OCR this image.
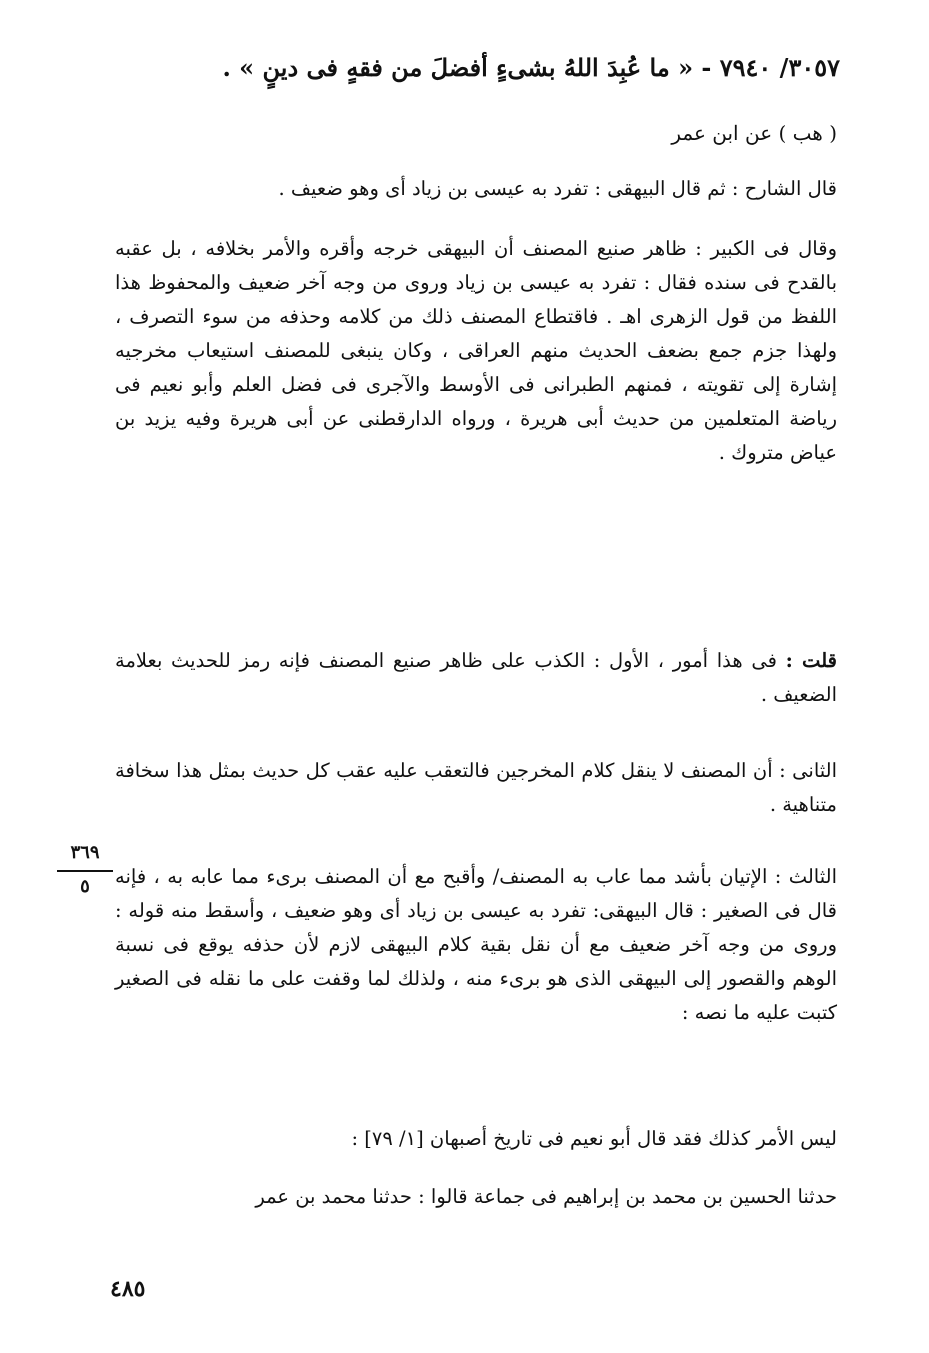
٣٠٥٧/ ٧٩٤٠ - « ما عُبِدَ اللهُ بشىءٍ أفضلَ من فقهٍ فى دينٍ » .
( هب ) عن ابن عمر
قال الشارح : ثم قال البيهقى : تفرد به عيسى بن زياد أى وهو ضعيف .
وقال فى الكبير : ظاهر صنيع المصنف أن البيهقى خرجه وأقره والأمر بخلافه ، بل عقبه بالقدح فى سنده فقال : تفرد به عيسى بن زياد وروى من وجه آخر ضعيف والمحفوظ هذا اللفظ من قول الزهرى اهـ . فاقتطاع المصنف ذلك من كلامه وحذفه من سوء التصرف ، ولهذا جزم جمع بضعف الحديث منهم العراقى ، وكان ينبغى للمصنف استيعاب مخرجيه إشارة إلى تقويته ، فمنهم الطبرانى فى الأوسط والآجرى فى فضل العلم وأبو نعيم فى رياضة المتعلمين من حديث أبى هريرة ، ورواه الدارقطنى عن أبى هريرة وفيه يزيد بن عياض متروك .
قلت : فى هذا أمور ، الأول : الكذب على ظاهر صنيع المصنف فإنه رمز للحديث بعلامة الضعيف .
الثانى : أن المصنف لا ينقل كلام المخرجين فالتعقب عليه عقب كل حديث بمثل هذا سخافة متناهية .
الثالث : الإتيان بأشد مما عاب به المصنف/ وأقبح مع أن المصنف برىء مما عابه به ، فإنه قال فى الصغير : قال البيهقى: تفرد به عيسى بن زياد أى وهو ضعيف ، وأسقط منه قوله : وروى من وجه آخر ضعيف مع أن نقل بقية كلام البيهقى لازم لأن حذفه يوقع فى نسبة الوهم والقصور إلى البيهقى الذى هو برىء منه ، ولذلك لما وقفت على ما نقله فى الصغير كتبت عليه ما نصه :
ليس الأمر كذلك فقد قال أبو نعيم فى تاريخ أصبهان [١/ ٧٩] :
حدثنا الحسين بن محمد بن إبراهيم فى جماعة قالوا : حدثنا محمد بن عمر
٣٦٩
٥
٤٨٥
